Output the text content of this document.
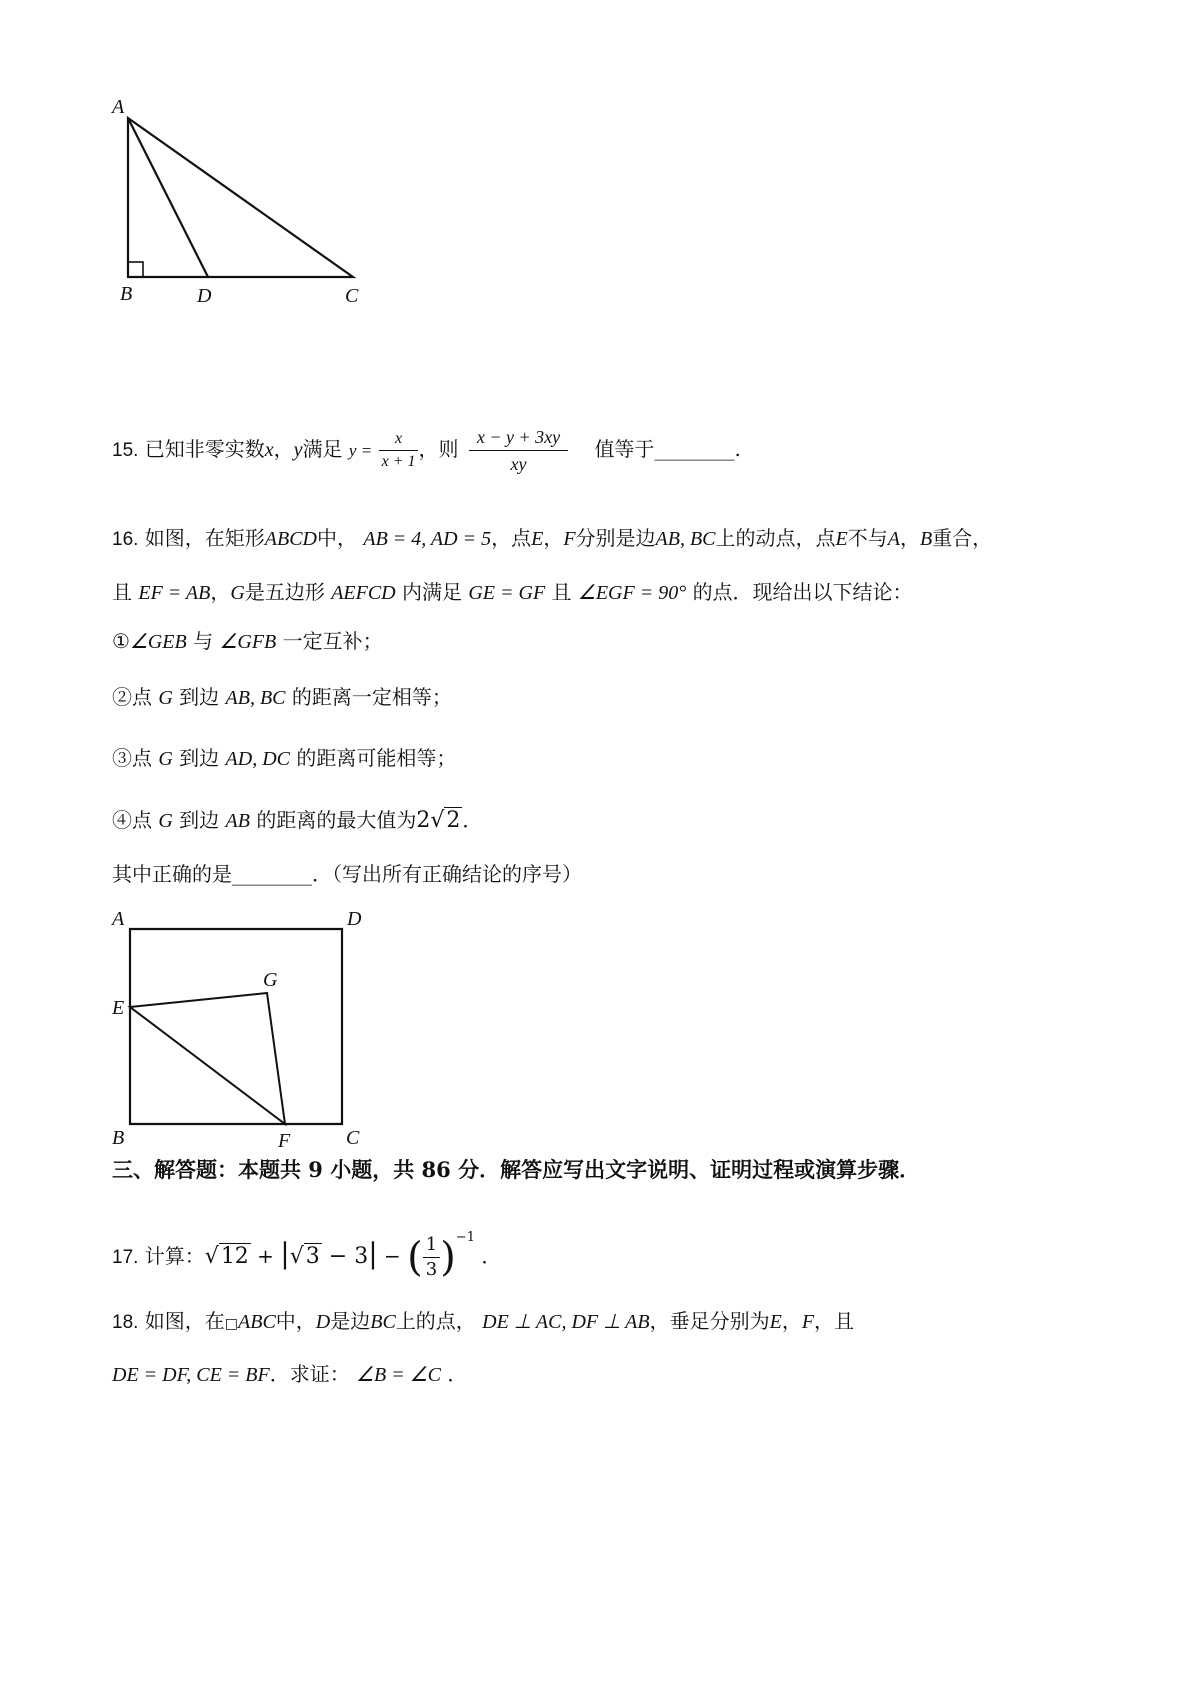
A
B	D	C
15. 已知非零实数x，y满足 $y = \frac{x}{x + 1}$ ，则 $\frac{x - y + 3xy}{xy}$ 值等于________.
16. 如图，在矩形ABCD中， AB = 4, AD = 5，点E，F分别是边AB, BC上的动点，点E不与A，B重合，
且 EF = AB，G是五边形 AEFCD 内满足 GE = GF 且 ∠EGF = 90° 的点．现给出以下结论：
①∠GEB 与 ∠GFB 一定互补；
②点 G 到边 AB, BC 的距离一定相等；
③点 G 到边 AD, DC 的距离可能相等；
④点 G 到边 AB 的距离的最大值为2√2 ．
其中正确的是________．（写出所有正确结论的序号）
A	D
G
E
B	F	C
三、解答题：本题共 9 小题，共 86 分．解答应写出文字说明、证明过程或演算步骤．
17. 计算：√12 + |√3 − 3| − ( $\frac{1}{3} )^{-1}$ ．
18. 如图，在□ABC中，D是边BC上的点， DE ⊥ AC, DF ⊥ AB，垂足分别为E，F，且
DE = DF, CE = BF．求证： ∠B = ∠C ．
